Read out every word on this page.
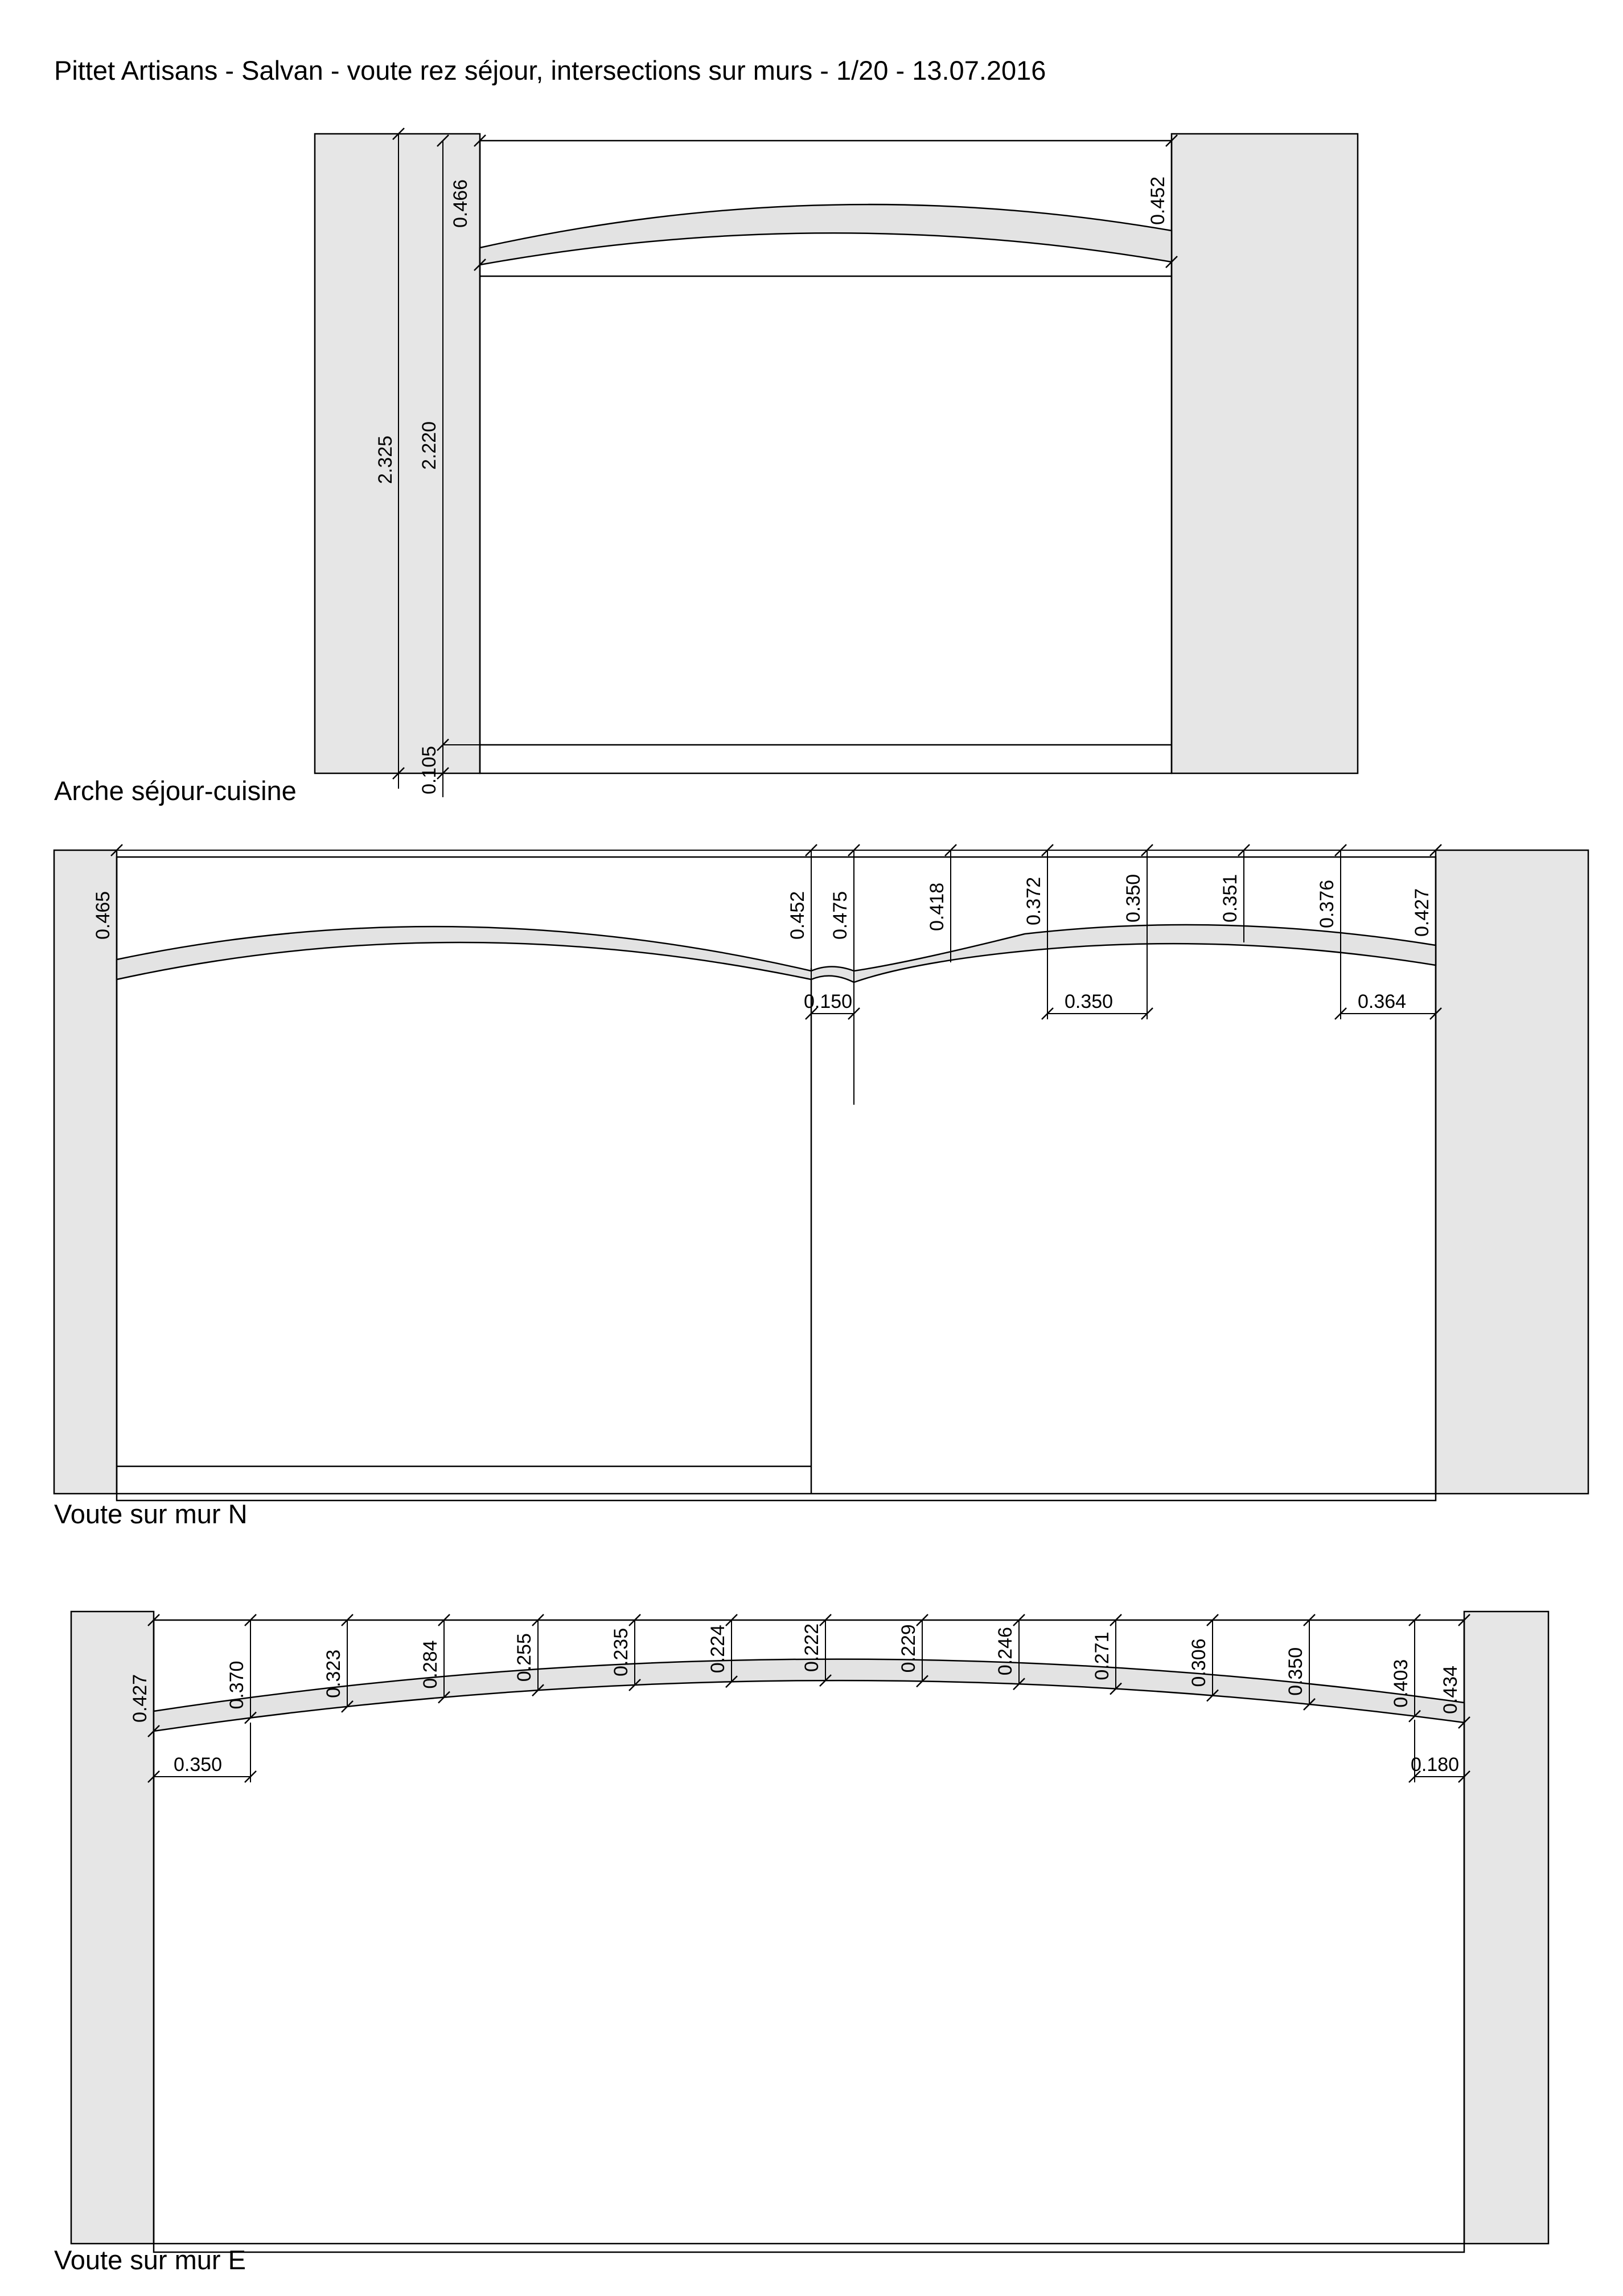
Pittet Artisans - Salvan - voute rez séjour, intersections sur murs - 1/20 - 13.07.2016
0.466	0.452
2.325 2.220
0.105
Arche séjour-cuisine
0.465	0.452 0.475	0.418	0.372	0.350	0.351	0.376	0.427
0.150	0.350	0.364
Voute sur mur N
0.427	0.370	0.323	0.284	0.255	0.235	0.224	0.222	0.229	0.246	0.271	0.306	0.350	0.403 0.434
0.350	0.180
Voute sur mur E
